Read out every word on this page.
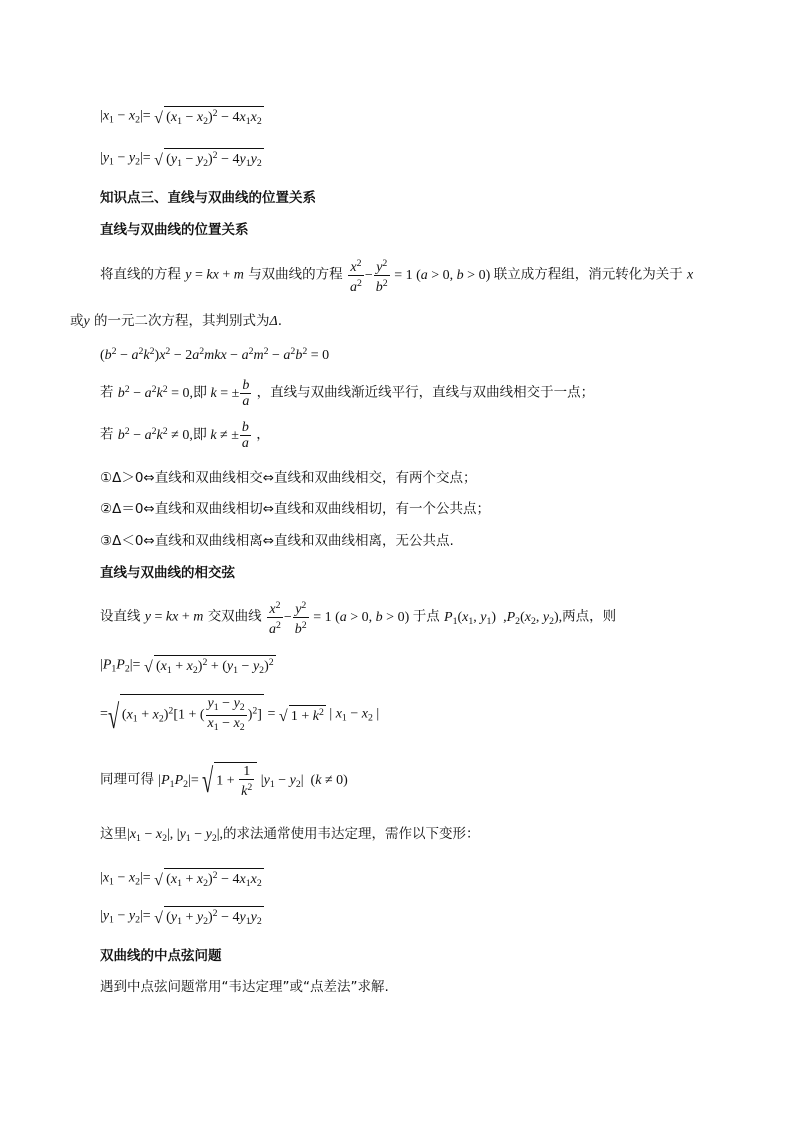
$|x_1 - x_2|=$ √ $(x_1 - x_2)^2 - 4x_1x_2$
$|y_1 - y_2|=$ √ $(y_1 - y_2)^2 - 4y_1y_2$
知识点三、直线与双曲线的位置关系
直线与双曲线的位置关系
将直线的方程 y = kx + m 与双曲线的方程 $\frac{x^2}{a^2} - \frac{y^2}{b^2} = 1$ (a > 0, b > 0) 联立成方程组，消元转化为关于 x
或y 的一元二次方程，其判别式为Δ.
$(b^2 - a^2k^2)x^2 - 2a^2mkx - a^2m^2 - a^2b^2 = 0$
若 $b^2 - a^2k^2 = 0$,即 k = ± $\frac{b}{a}$ ，直线与双曲线渐近线平行，直线与双曲线相交于一点；
若 $b^2 - a^2k^2 \ne 0$,即 k ≠ ± $\frac{b}{a}$ ，
①Δ＞0⇔直线和双曲线相交⇔直线和双曲线相交，有两个交点；
②Δ＝0⇔直线和双曲线相切⇔直线和双曲线相切，有一个公共点；
③Δ＜0⇔直线和双曲线相离⇔直线和双曲线相离，无公共点.
直线与双曲线的相交弦
设直线 y = kx + m 交双曲线 $\frac{x^2}{a^2} - \frac{y^2}{b^2} = 1$ (a > 0, b > 0) 于点 $P_1(x_1$, $y_1$)  $,P_2(x_2$, $y_2$),两点，则
$|P_1P_2|=$ √ $(x_1 + x_2)^2 + (y_1 - y_2)^2$
= √ $(x_1 + x_2)^2[1$ + ( $\frac{y_1 - y_2}{x_1 - x_2} )^2$] = √ $1 + k^2$ | $x_1 - x_2$ |
同理可得 $|P_1P_2|=$ √ $1 + \frac{1}{k^2} |y_1 - y_2|$  (k ≠ 0)
这里$|x_1 - x_2|$, $|y_1 - y_2|$,的求法通常使用韦达定理，需作以下变形：
$|x_1 - x_2|=$ √ $(x_1 + x_2)^2 - 4x_1x_2$
$|y_1 - y_2|=$ √ $(y_1 + y_2)^2 - 4y_1y_2$
双曲线的中点弦问题
遇到中点弦问题常用“韦达定理”或“点差法”求解.
